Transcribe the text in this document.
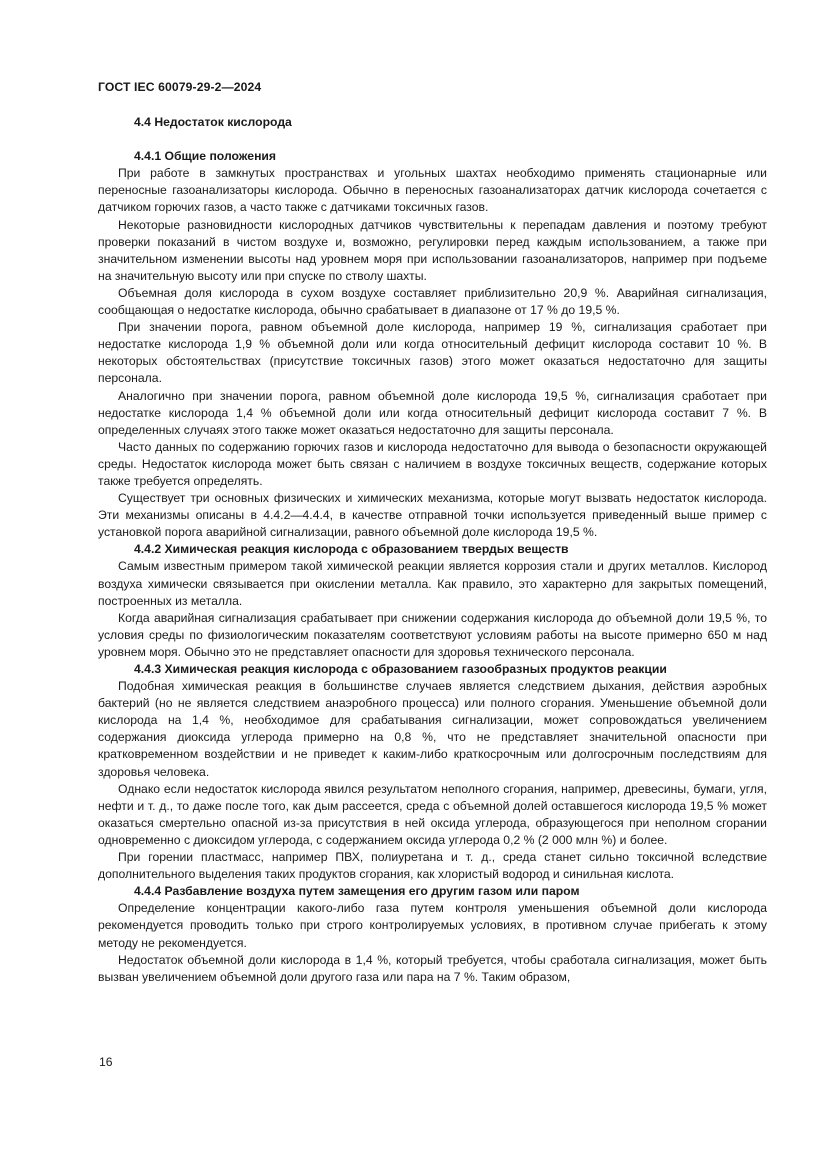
ГОСТ IEC 60079-29-2—2024
4.4 Недостаток кислорода
4.4.1 Общие положения

При работе в замкнутых пространствах и угольных шахтах необходимо применять стационарные или переносные газоанализаторы кислорода. Обычно в переносных газоанализаторах датчик кислорода сочетается с датчиком горючих газов, а часто также с датчиками токсичных газов.

Некоторые разновидности кислородных датчиков чувствительны к перепадам давления и поэтому требуют проверки показаний в чистом воздухе и, возможно, регулировки перед каждым использованием, а также при значительном изменении высоты над уровнем моря при использовании газоанализаторов, например при подъеме на значительную высоту или при спуске по стволу шахты.

Объемная доля кислорода в сухом воздухе составляет приблизительно 20,9 %. Аварийная сигнализация, сообщающая о недостатке кислорода, обычно срабатывает в диапазоне от 17 % до 19,5 %.

При значении порога, равном объемной доле кислорода, например 19 %, сигнализация сработает при недостатке кислорода 1,9 % объемной доли или когда относительный дефицит кислорода составит 10 %. В некоторых обстоятельствах (присутствие токсичных газов) этого может оказаться недостаточно для защиты персонала.

Аналогично при значении порога, равном объемной доле кислорода 19,5 %, сигнализация сработает при недостатке кислорода 1,4 % объемной доли или когда относительный дефицит кислорода составит 7 %. В определенных случаях этого также может оказаться недостаточно для защиты персонала.

Часто данных по содержанию горючих газов и кислорода недостаточно для вывода о безопасности окружающей среды. Недостаток кислорода может быть связан с наличием в воздухе токсичных веществ, содержание которых также требуется определять.

Существует три основных физических и химических механизма, которые могут вызвать недостаток кислорода. Эти механизмы описаны в 4.4.2—4.4.4, в качестве отправной точки используется приведенный выше пример с установкой порога аварийной сигнализации, равного объемной доле кислорода 19,5 %.

4.4.2 Химическая реакция кислорода с образованием твердых веществ

Самым известным примером такой химической реакции является коррозия стали и других металлов. Кислород воздуха химически связывается при окислении металла. Как правило, это характерно для закрытых помещений, построенных из металла.

Когда аварийная сигнализация срабатывает при снижении содержания кислорода до объемной доли 19,5 %, то условия среды по физиологическим показателям соответствуют условиям работы на высоте примерно 650 м над уровнем моря. Обычно это не представляет опасности для здоровья технического персонала.

4.4.3 Химическая реакция кислорода с образованием газообразных продуктов реакции

Подобная химическая реакция в большинстве случаев является следствием дыхания, действия аэробных бактерий (но не является следствием анаэробного процесса) или полного сгорания. Уменьшение объемной доли кислорода на 1,4 %, необходимое для срабатывания сигнализации, может сопровождаться увеличением содержания диоксида углерода примерно на 0,8 %, что не представляет значительной опасности при кратковременном воздействии и не приведет к каким-либо краткосрочным или долгосрочным последствиям для здоровья человека.

Однако если недостаток кислорода явился результатом неполного сгорания, например, древесины, бумаги, угля, нефти и т. д., то даже после того, как дым рассеется, среда с объемной долей оставшегося кислорода 19,5 % может оказаться смертельно опасной из-за присутствия в ней оксида углерода, образующегося при неполном сгорании одновременно с диоксидом углерода, с содержанием оксида углерода 0,2 % (2 000 млн %) и более.

При горении пластмасс, например ПВХ, полиуретана и т. д., среда станет сильно токсичной вследствие дополнительного выделения таких продуктов сгорания, как хлористый водород и синильная кислота.

4.4.4 Разбавление воздуха путем замещения его другим газом или паром

Определение концентрации какого-либо газа путем контроля уменьшения объемной доли кислорода рекомендуется проводить только при строго контролируемых условиях, в противном случае прибегать к этому методу не рекомендуется.

Недостаток объемной доли кислорода в 1,4 %, который требуется, чтобы сработала сигнализация, может быть вызван увеличением объемной доли другого газа или пара на 7 %. Таким образом,

16
